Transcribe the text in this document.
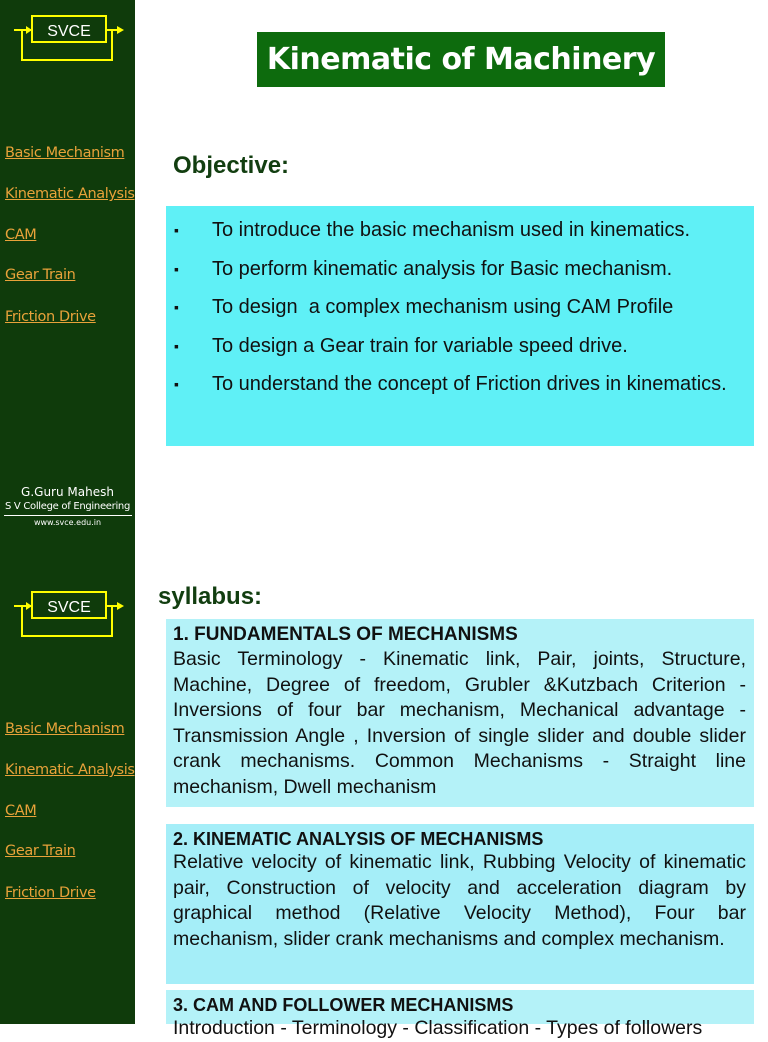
SVCE
Basic Mechanism
Kinematic Analysis
CAM
Gear Train
Friction Drive
G.Guru Mahesh
S V College of Engineering
www.svce.edu.in
Kinematic of Machinery
Objective:
▪ To introduce the basic mechanism used in kinematics.
▪ To perform kinematic analysis for Basic mechanism.
▪ To design  a complex mechanism using CAM Profile
▪ To design a Gear train for variable speed drive.
▪ To understand the concept of Friction drives in kinematics.
SVCE
Basic Mechanism
Kinematic Analysis
CAM
Gear Train
Friction Drive
syllabus:
1. FUNDAMENTALS OF MECHANISMS
Basic Terminology - Kinematic link, Pair, joints, Structure, Machine, Degree of freedom, Grubler &Kutzbach Criterion - Inversions of four bar mechanism, Mechanical advantage - Transmission Angle , Inversion of single slider and double slider crank mechanisms. Common Mechanisms - Straight line mechanism, Dwell mechanism
2. KINEMATIC ANALYSIS OF MECHANISMS
Relative velocity of kinematic link, Rubbing Velocity of kinematic pair, Construction of velocity and acceleration diagram by graphical method (Relative Velocity Method), Four bar mechanism, slider crank mechanisms and complex mechanism.
3. CAM AND FOLLOWER MECHANISMS
Introduction - Terminology - Classification - Types of followers
